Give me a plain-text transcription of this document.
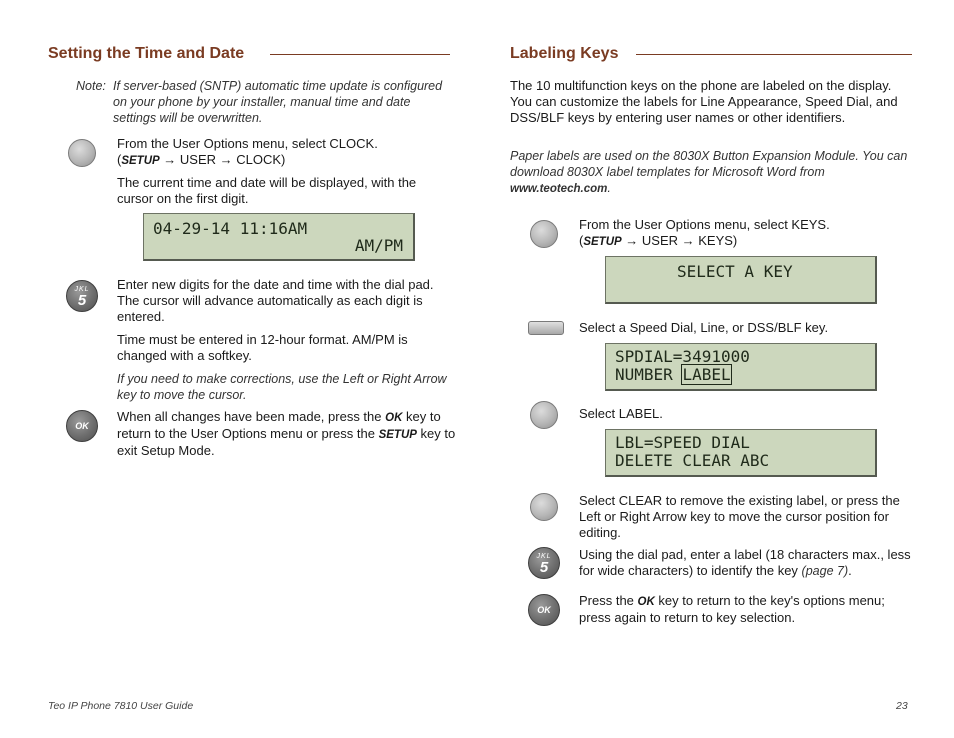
Setting the Time and Date
Note: If server-based (SNTP) automatic time update is configured on your phone by your installer, manual time and date settings will be overwritten.
From the User Options menu, select CLOCK.
(SETUP → USER → CLOCK)
The current time and date will be displayed, with the cursor on the first digit.
04-29-14 11:16AM
AM/PM
JKL
5
Enter new digits for the date and time with the dial pad. The cursor will advance automatically as each digit is entered.
Time must be entered in 12-hour format. AM/PM is changed with a softkey.
If you need to make corrections, use the Left or Right Arrow key to move the cursor.
OK
When all changes have been made, press the OK key to return to the User Options menu or press the SETUP key to exit Setup Mode.
Labeling Keys
The 10 multifunction keys on the phone are labeled on the display. You can customize the labels for Line Appearance, Speed Dial, and DSS/BLF keys by entering user names or other identifiers.
Paper labels are used on the 8030X Button Expansion Module. You can download 8030X label templates for Microsoft Word from www.teotech.com.
From the User Options menu, select KEYS.
(SETUP → USER → KEYS)
SELECT A KEY
Select a Speed Dial, Line, or DSS/BLF key.
SPDIAL=3491000
NUMBER LABEL
Select LABEL.
LBL=SPEED DIAL
DELETE CLEAR ABC
Select CLEAR to remove the existing label, or press the Left or Right Arrow key to move the cursor position for editing.
JKL
5
Using the dial pad, enter a label (18 characters max., less for wide characters) to identify the key (page 7).
OK
Press the OK key to return to the key's options menu; press again to return to key selection.
Teo IP Phone 7810 User Guide	23
